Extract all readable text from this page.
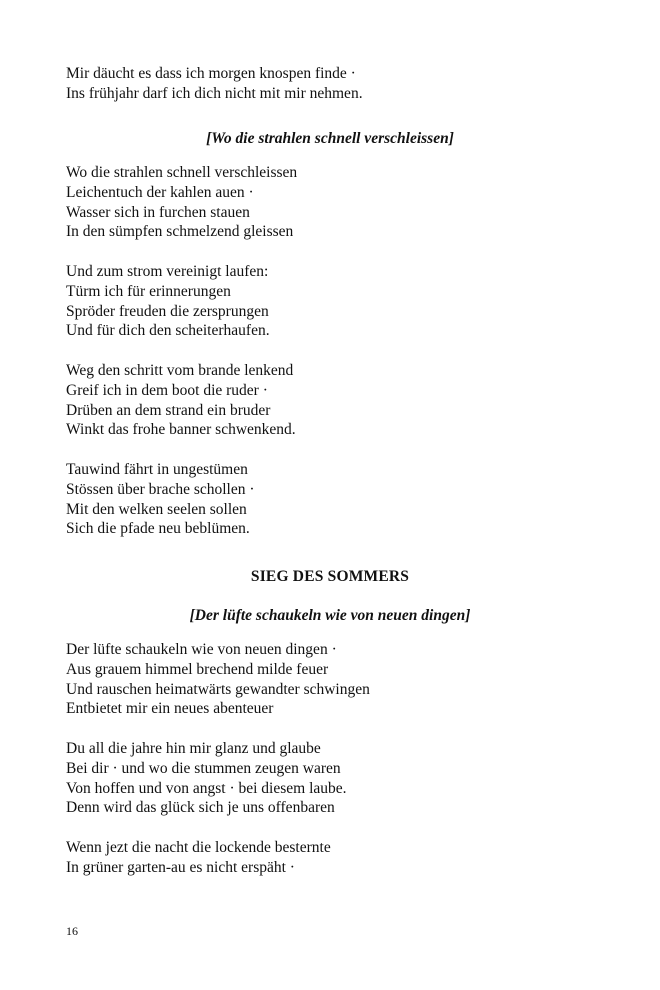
Mir däucht es dass ich morgen knospen finde ·
Ins frühjahr darf ich dich nicht mit mir nehmen.
[Wo die strahlen schnell verschleissen]
Wo die strahlen schnell verschleissen
Leichentuch der kahlen auen ·
Wasser sich in furchen stauen
In den sümpfen schmelzend gleissen
Und zum strom vereinigt laufen:
Türm ich für erinnerungen
Spröder freuden die zersprungen
Und für dich den scheiterhaufen.
Weg den schritt vom brande lenkend
Greif ich in dem boot die ruder ·
Drüben an dem strand ein bruder
Winkt das frohe banner schwenkend.
Tauwind fährt in ungestümen
Stössen über brache schollen ·
Mit den welken seelen sollen
Sich die pfade neu beblümen.
SIEG DES SOMMERS
[Der lüfte schaukeln wie von neuen dingen]
Der lüfte schaukeln wie von neuen dingen ·
Aus grauem himmel brechend milde feuer
Und rauschen heimatwärts gewandter schwingen
Entbietet mir ein neues abenteuer
Du all die jahre hin mir glanz und glaube
Bei dir · und wo die stummen zeugen waren
Von hoffen und von angst · bei diesem laube.
Denn wird das glück sich je uns offenbaren
Wenn jezt die nacht die lockende besternte
In grüner garten-au es nicht erspäht ·
16
